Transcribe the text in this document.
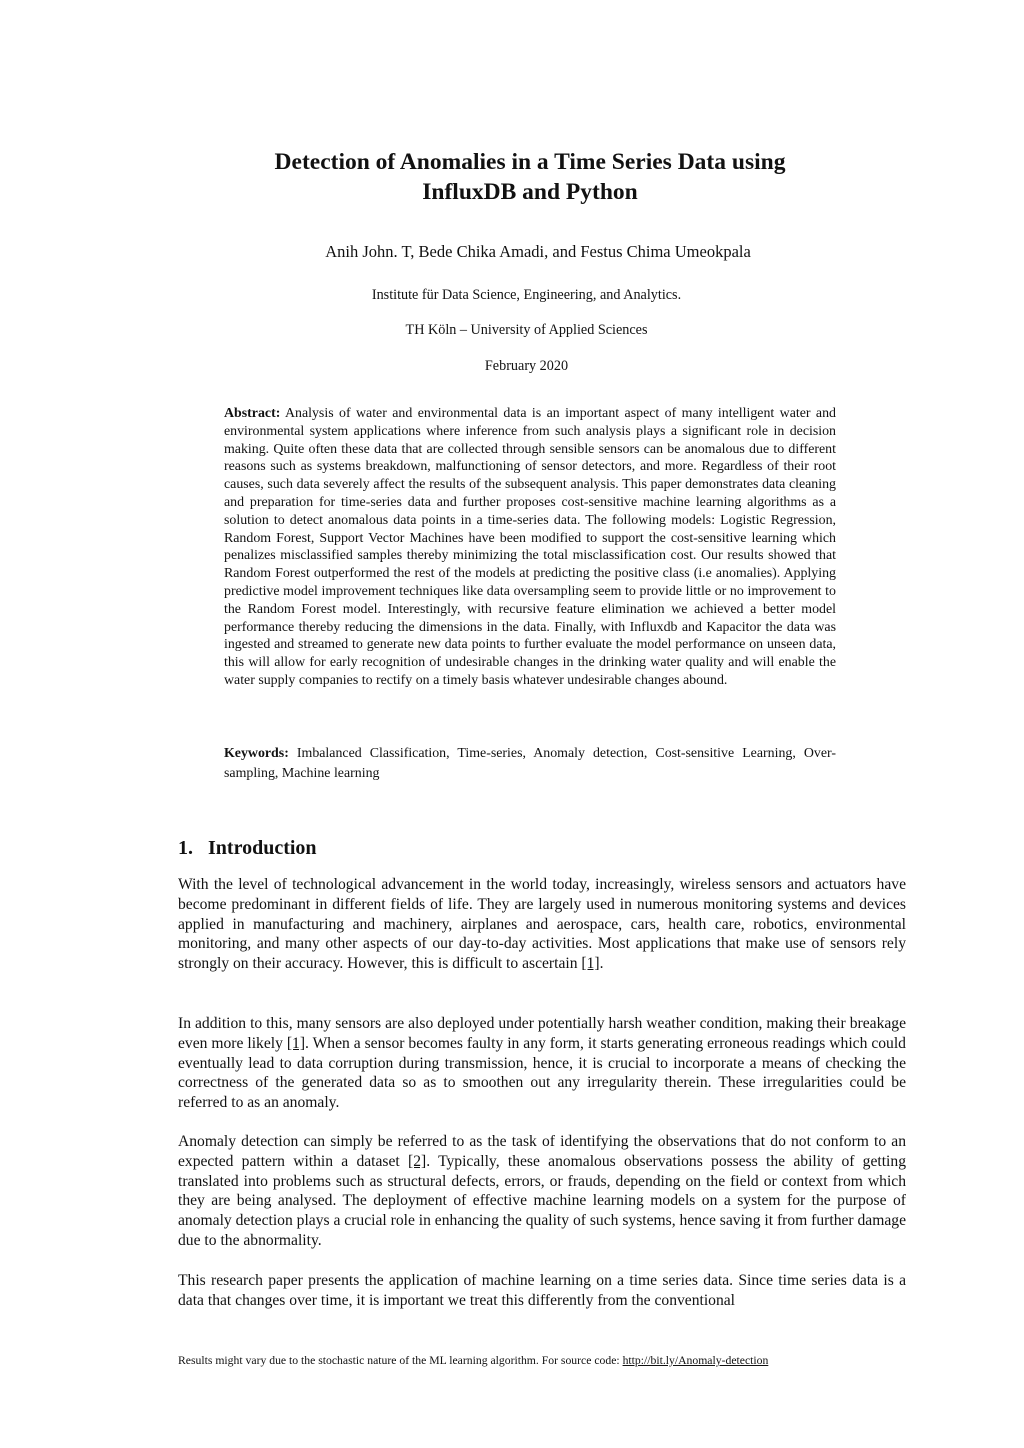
Detection of Anomalies in a Time Series Data using
InfluxDB and Python
Anih John. T, Bede Chika Amadi, and Festus Chima Umeokpala
Institute für Data Science, Engineering, and Analytics.
TH Köln – University of Applied Sciences
February 2020
Abstract: Analysis of water and environmental data is an important aspect of many intelligent water and environmental system applications where inference from such analysis plays a significant role in decision making. Quite often these data that are collected through sensible sensors can be anomalous due to different reasons such as systems breakdown, malfunctioning of sensor detectors, and more. Regardless of their root causes, such data severely affect the results of the subsequent analysis. This paper demonstrates data cleaning and preparation for time-series data and further proposes cost-sensitive machine learning algorithms as a solution to detect anomalous data points in a time-series data. The following models: Logistic Regression, Random Forest, Support Vector Machines have been modified to support the cost-sensitive learning which penalizes misclassified samples thereby minimizing the total misclassification cost. Our results showed that Random Forest outperformed the rest of the models at predicting the positive class (i.e anomalies). Applying predictive model improvement techniques like data oversampling seem to provide little or no improvement to the Random Forest model. Interestingly, with recursive feature elimination we achieved a better model performance thereby reducing the dimensions in the data. Finally, with Influxdb and Kapacitor the data was ingested and streamed to generate new data points to further evaluate the model performance on unseen data, this will allow for early recognition of undesirable changes in the drinking water quality and will enable the water supply companies to rectify on a timely basis whatever undesirable changes abound.
Keywords: Imbalanced Classification, Time-series, Anomaly detection, Cost-sensitive Learning, Over-sampling, Machine learning
1. Introduction

With the level of technological advancement in the world today, increasingly, wireless sensors and actuators have become predominant in different fields of life. They are largely used in numerous monitoring systems and devices applied in manufacturing and machinery, airplanes and aerospace, cars, health care, robotics, environmental monitoring, and many other aspects of our day-to-day activities. Most applications that make use of sensors rely strongly on their accuracy. However, this is difficult to ascertain [1].

In addition to this, many sensors are also deployed under potentially harsh weather condition, making their breakage even more likely [1]. When a sensor becomes faulty in any form, it starts generating erroneous readings which could eventually lead to data corruption during transmission, hence, it is crucial to incorporate a means of checking the correctness of the generated data so as to smoothen out any irregularity therein. These irregularities could be referred to as an anomaly.

Anomaly detection can simply be referred to as the task of identifying the observations that do not conform to an expected pattern within a dataset [2]. Typically, these anomalous observations possess the ability of getting translated into problems such as structural defects, errors, or frauds, depending on the field or context from which they are being analysed. The deployment of effective machine learning models on a system for the purpose of anomaly detection plays a crucial role in enhancing the quality of such systems, hence saving it from further damage due to the abnormality.

This research paper presents the application of machine learning on a time series data. Since time series data is a data that changes over time, it is important we treat this differently from the conventional

Results might vary due to the stochastic nature of the ML learning algorithm. For source code: http://bit.ly/Anomaly-detection
